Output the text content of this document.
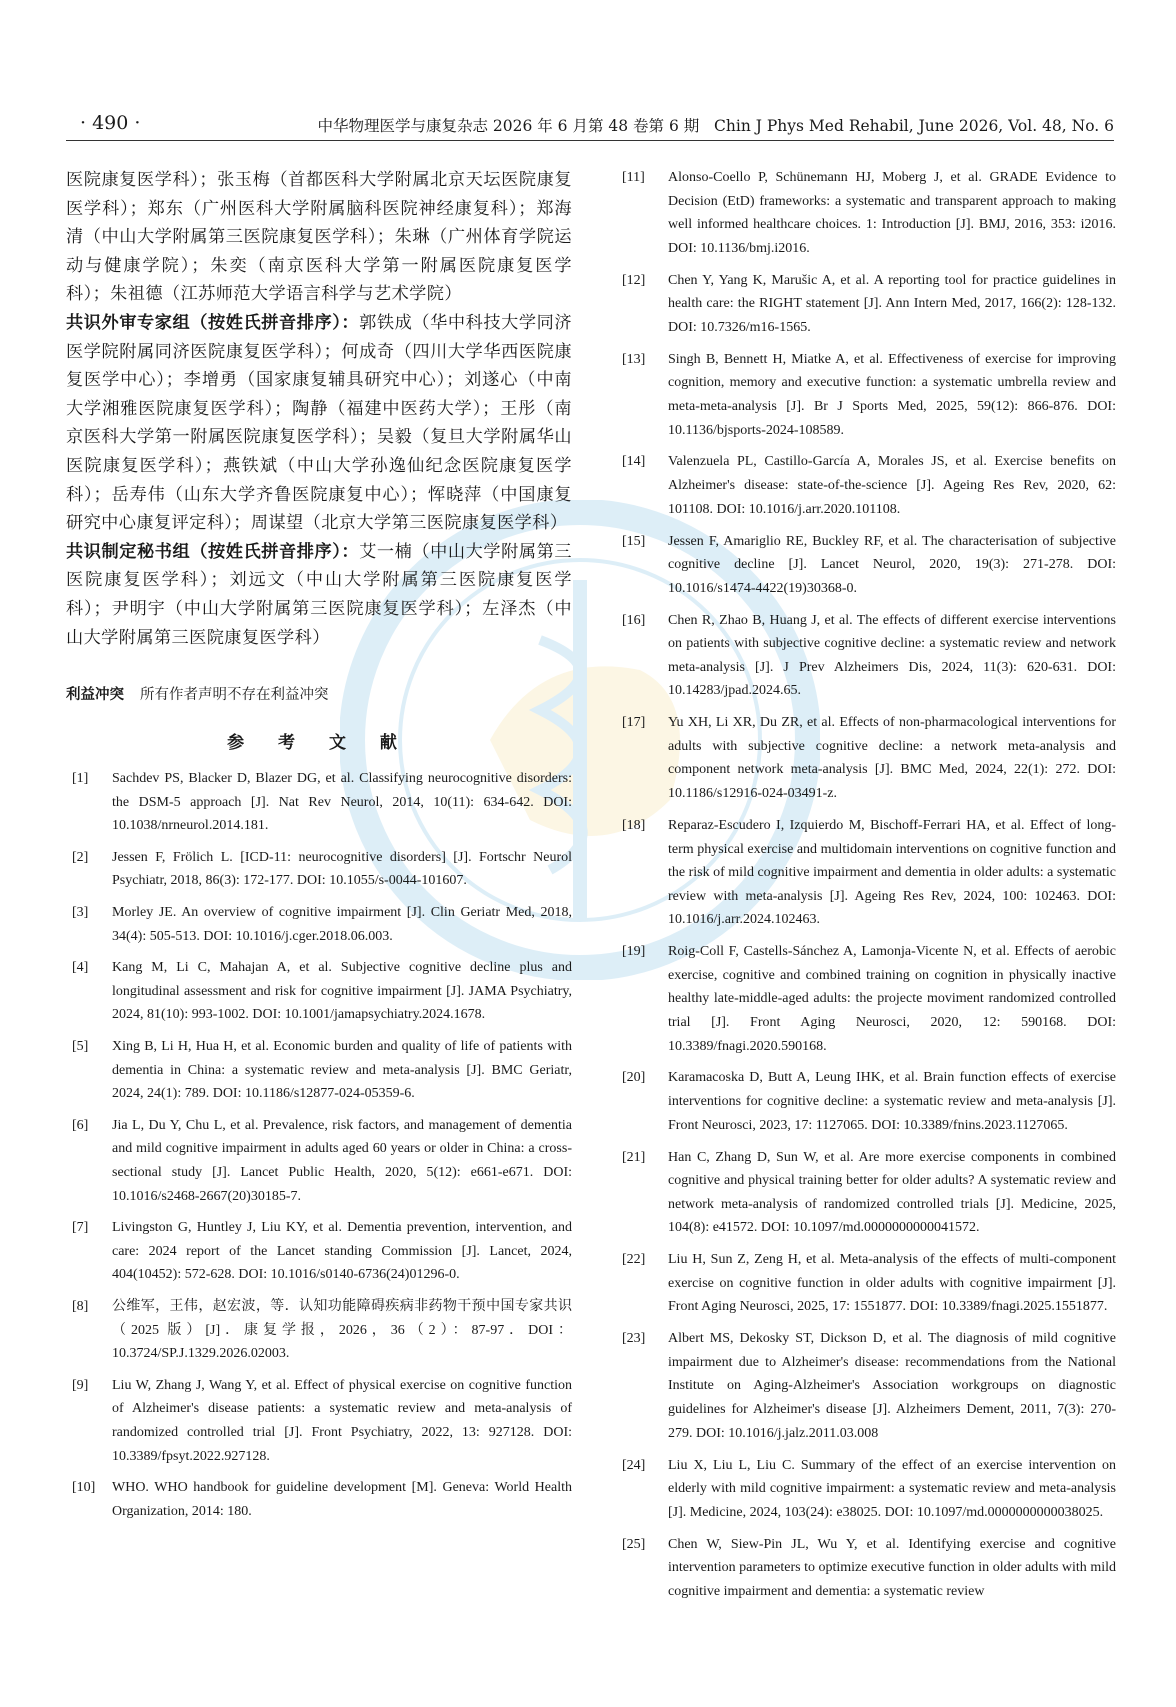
· 490 ·	中华物理医学与康复杂志 2026 年 6 月第 48 卷第 6 期 Chin J Phys Med Rehabil, June 2026, Vol. 48, No. 6

医院康复医学科）；张玉梅（首都医科大学附属北京天坛医院康复医学科）；郑东（广州医科大学附属脑科医院神经康复科）；郑海清（中山大学附属第三医院康复医学科）；朱琳（广州体育学院运动与健康学院）；朱奕（南京医科大学第一附属医院康复医学科）；朱祖德（江苏师范大学语言科学与艺术学院）

共识外审专家组（按姓氏拼音排序）：郭铁成（华中科技大学同济医学院附属同济医院康复医学科）；何成奇（四川大学华西医院康复医学中心）；李增勇（国家康复辅具研究中心）；刘遂心（中南大学湘雅医院康复医学科）；陶静（福建中医药大学）；王彤（南京医科大学第一附属医院康复医学科）；吴毅（复旦大学附属华山医院康复医学科）；燕铁斌（中山大学孙逸仙纪念医院康复医学科）；岳寿伟（山东大学齐鲁医院康复中心）；恽晓萍（中国康复研究中心康复评定科）；周谋望（北京大学第三医院康复医学科）

共识制定秘书组（按姓氏拼音排序）：艾一楠（中山大学附属第三医院康复医学科）；刘远文（中山大学附属第三医院康复医学科）；尹明宇（中山大学附属第三医院康复医学科）；左泽杰（中山大学附属第三医院康复医学科）

利益冲突 所有作者声明不存在利益冲突
参 考 文 献
[1] Sachdev PS, Blacker D, Blazer DG, et al. Classifying neurocognitive disorders: the DSM-5 approach [J]. Nat Rev Neurol, 2014, 10(11): 634-642. DOI: 10.1038/nrneurol.2014.181.
[2] Jessen F, Frölich L. [ICD-11: neurocognitive disorders] [J]. Fortschr Neurol Psychiatr, 2018, 86(3): 172-177. DOI: 10.1055/s-0044-101607.
[3] Morley JE. An overview of cognitive impairment [J]. Clin Geriatr Med, 2018, 34(4): 505-513. DOI: 10.1016/j.cger.2018.06.003.
[4] Kang M, Li C, Mahajan A, et al. Subjective cognitive decline plus and longitudinal assessment and risk for cognitive impairment [J]. JAMA Psychiatry, 2024, 81(10): 993-1002. DOI: 10.1001/jamapsychiatry.2024.1678.
[5] Xing B, Li H, Hua H, et al. Economic burden and quality of life of patients with dementia in China: a systematic review and meta-analysis [J]. BMC Geriatr, 2024, 24(1): 789. DOI: 10.1186/s12877-024-05359-6.
[6] Jia L, Du Y, Chu L, et al. Prevalence, risk factors, and management of dementia and mild cognitive impairment in adults aged 60 years or older in China: a cross-sectional study [J]. Lancet Public Health, 2020, 5(12): e661-e671. DOI: 10.1016/s2468-2667(20)30185-7.
[7] Livingston G, Huntley J, Liu KY, et al. Dementia prevention, intervention, and care: 2024 report of the Lancet standing Commission [J]. Lancet, 2024, 404(10452): 572-628. DOI: 10.1016/s0140-6736(24)01296-0.
[8] 公维军，王伟，赵宏波，等．认知功能障碍疾病非药物干预中国专家共识（2025 版）[J]．康复学报，2026，36（2）：87-97．DOI：10.3724/SP.J.1329.2026.02003.
[9] Liu W, Zhang J, Wang Y, et al. Effect of physical exercise on cognitive function of Alzheimer's disease patients: a systematic review and meta-analysis of randomized controlled trial [J]. Front Psychiatry, 2022, 13: 927128. DOI: 10.3389/fpsyt.2022.927128.
[10] WHO. WHO handbook for guideline development [M]. Geneva: World Health Organization, 2014: 180.
[11] Alonso-Coello P, Schünemann HJ, Moberg J, et al. GRADE Evidence to Decision (EtD) frameworks: a systematic and transparent approach to making well informed healthcare choices. 1: Introduction [J]. BMJ, 2016, 353: i2016. DOI: 10.1136/bmj.i2016.
[12] Chen Y, Yang K, Marušic A, et al. A reporting tool for practice guidelines in health care: the RIGHT statement [J]. Ann Intern Med, 2017, 166(2): 128-132. DOI: 10.7326/m16-1565.
[13] Singh B, Bennett H, Miatke A, et al. Effectiveness of exercise for improving cognition, memory and executive function: a systematic umbrella review and meta-meta-analysis [J]. Br J Sports Med, 2025, 59(12): 866-876. DOI: 10.1136/bjsports-2024-108589.
[14] Valenzuela PL, Castillo-García A, Morales JS, et al. Exercise benefits on Alzheimer's disease: state-of-the-science [J]. Ageing Res Rev, 2020, 62: 101108. DOI: 10.1016/j.arr.2020.101108.
[15] Jessen F, Amariglio RE, Buckley RF, et al. The characterisation of subjective cognitive decline [J]. Lancet Neurol, 2020, 19(3): 271-278. DOI: 10.1016/s1474-4422(19)30368-0.
[16] Chen R, Zhao B, Huang J, et al. The effects of different exercise interventions on patients with subjective cognitive decline: a systematic review and network meta-analysis [J]. J Prev Alzheimers Dis, 2024, 11(3): 620-631. DOI: 10.14283/jpad.2024.65.
[17] Yu XH, Li XR, Du ZR, et al. Effects of non-pharmacological interventions for adults with subjective cognitive decline: a network meta-analysis and component network meta-analysis [J]. BMC Med, 2024, 22(1): 272. DOI: 10.1186/s12916-024-03491-z.
[18] Reparaz-Escudero I, Izquierdo M, Bischoff-Ferrari HA, et al. Effect of long-term physical exercise and multidomain interventions on cognitive function and the risk of mild cognitive impairment and dementia in older adults: a systematic review with meta-analysis [J]. Ageing Res Rev, 2024, 100: 102463. DOI: 10.1016/j.arr.2024.102463.
[19] Roig-Coll F, Castells-Sánchez A, Lamonja-Vicente N, et al. Effects of aerobic exercise, cognitive and combined training on cognition in physically inactive healthy late-middle-aged adults: the projecte moviment randomized controlled trial [J]. Front Aging Neurosci, 2020, 12: 590168. DOI: 10.3389/fnagi.2020.590168.
[20] Karamacoska D, Butt A, Leung IHK, et al. Brain function effects of exercise interventions for cognitive decline: a systematic review and meta-analysis [J]. Front Neurosci, 2023, 17: 1127065. DOI: 10.3389/fnins.2023.1127065.
[21] Han C, Zhang D, Sun W, et al. Are more exercise components in combined cognitive and physical training better for older adults? A systematic review and network meta-analysis of randomized controlled trials [J]. Medicine, 2025, 104(8): e41572. DOI: 10.1097/md.0000000000041572.
[22] Liu H, Sun Z, Zeng H, et al. Meta-analysis of the effects of multi-component exercise on cognitive function in older adults with cognitive impairment [J]. Front Aging Neurosci, 2025, 17: 1551877. DOI: 10.3389/fnagi.2025.1551877.
[23] Albert MS, Dekosky ST, Dickson D, et al. The diagnosis of mild cognitive impairment due to Alzheimer's disease: recommendations from the National Institute on Aging-Alzheimer's Association workgroups on diagnostic guidelines for Alzheimer's disease [J]. Alzheimers Dement, 2011, 7(3): 270-279. DOI: 10.1016/j.jalz.2011.03.008
[24] Liu X, Liu L, Liu C. Summary of the effect of an exercise intervention on elderly with mild cognitive impairment: a systematic review and meta-analysis [J]. Medicine, 2024, 103(24): e38025. DOI: 10.1097/md.0000000000038025.
[25] Chen W, Siew-Pin JL, Wu Y, et al. Identifying exercise and cognitive intervention parameters to optimize executive function in older adults with mild cognitive impairment and dementia: a systematic review
